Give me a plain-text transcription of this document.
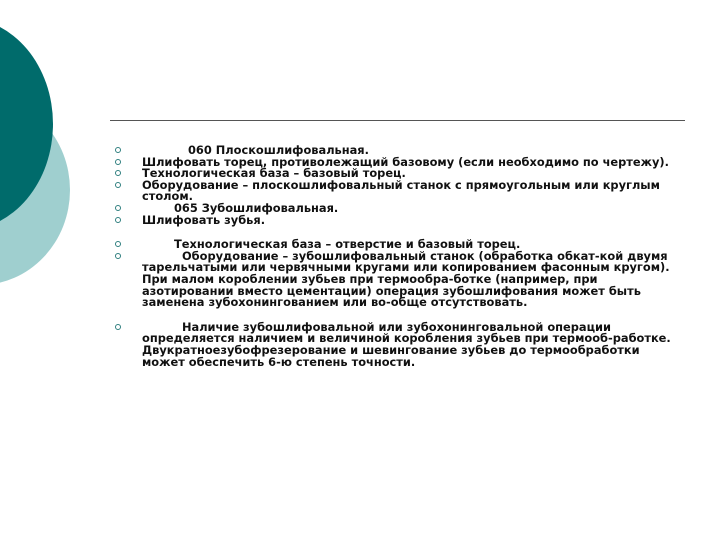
060 Плоскошлифовальная.
Шлифовать торец, противолежащий базовому (если необходимо по чертежу).
Технологическая база – базовый торец.
Оборудование – плоскошлифовальный станок с прямоугольным или круглым столом.
065 Зубошлифовальная.
Шлифовать зубья.
Технологическая база – отверстие и базовый торец.
Оборудование – зубошлифовальный станок (обработка обкат-кой двумя тарельчатыми или червячными кругами или копированием фасонным кругом). При малом короблении зубьев при термообра-ботке (например, при азотировании вместо цементации) операция зубошлифования может быть заменена зубохонингованием или во-обще отсутствовать.
Наличие зубошлифовальной или зубохонинговальной операции определяется наличием и величиной коробления зубьев при термооб-работке. Двукратноезубофрезерование и шевингование зубьев до термообработки может обеспечить 6-ю степень точности.
